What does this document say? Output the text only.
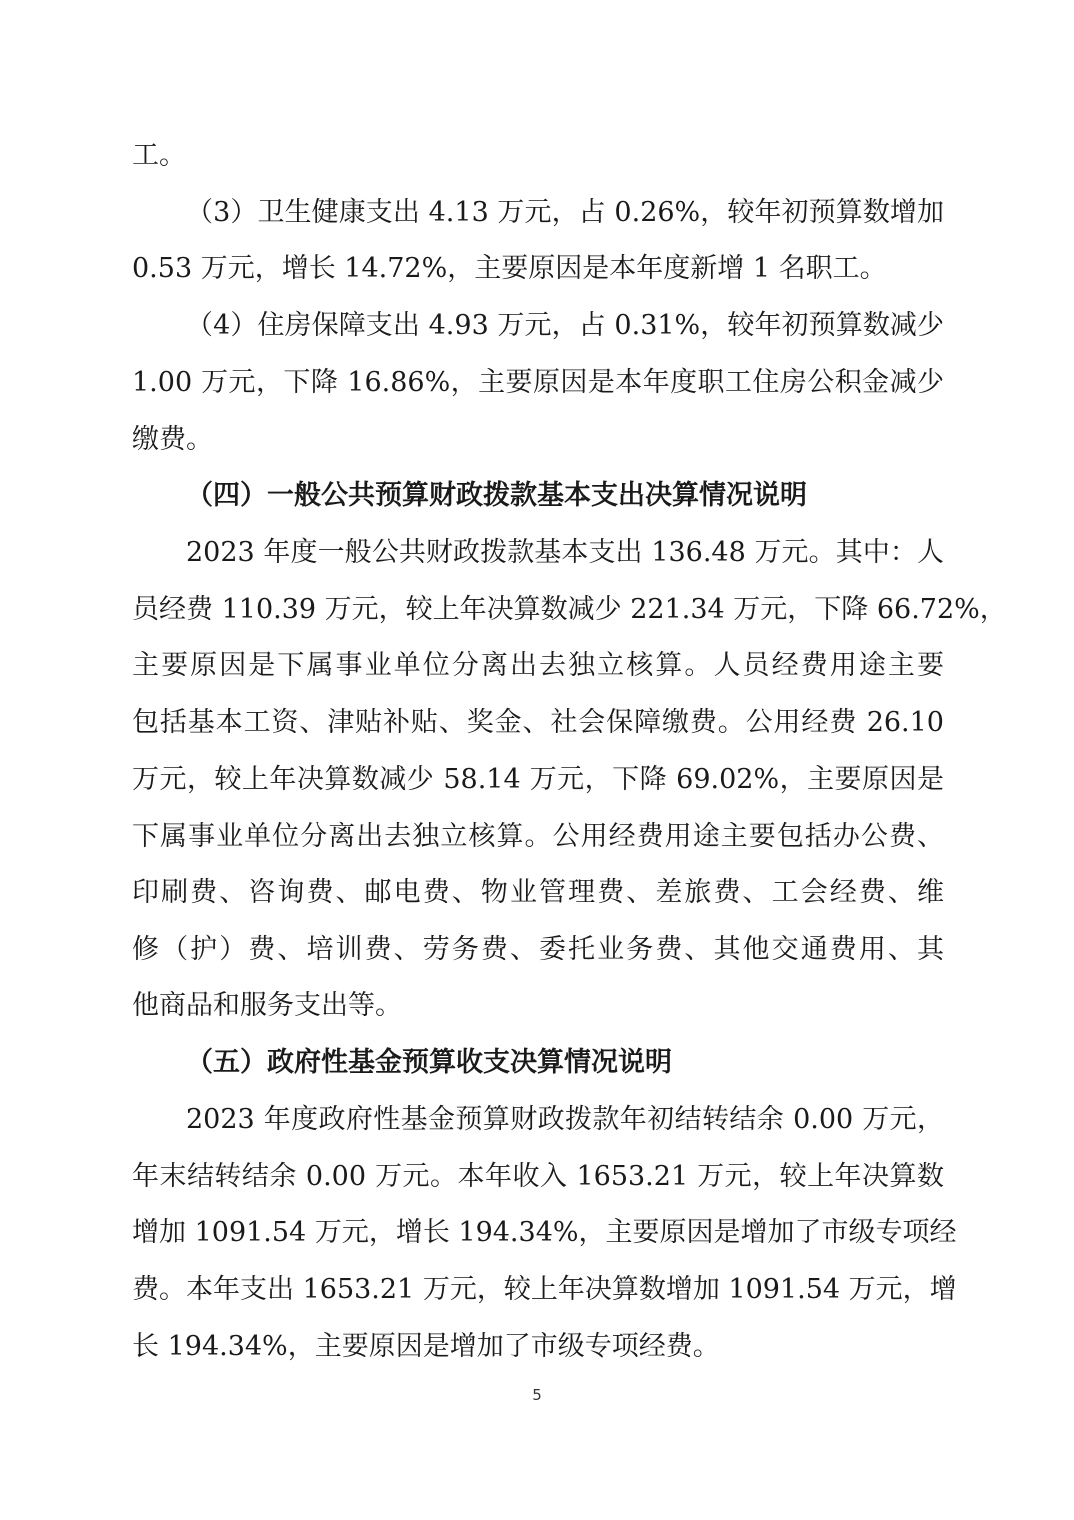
工。
（3）卫生健康支出 4.13 万元，占 0.26%，较年初预算数增加
0.53 万元，增长 14.72%，主要原因是本年度新增 1 名职工。
（4）住房保障支出 4.93 万元，占 0.31%，较年初预算数减少
1.00 万元，下降 16.86%，主要原因是本年度职工住房公积金减少
缴费。
（四）一般公共预算财政拨款基本支出决算情况说明
2023 年度一般公共财政拨款基本支出 136.48 万元。其中：人
员经费 110.39 万元，较上年决算数减少 221.34 万元，下降 66.72%，
主要原因是下属事业单位分离出去独立核算。人员经费用途主要
包括基本工资、津贴补贴、奖金、社会保障缴费。公用经费 26.10
万元，较上年决算数减少 58.14 万元，下降 69.02%，主要原因是
下属事业单位分离出去独立核算。公用经费用途主要包括办公费、
印刷费、咨询费、邮电费、物业管理费、差旅费、工会经费、维
修（护）费、培训费、劳务费、委托业务费、其他交通费用、其
他商品和服务支出等。
（五）政府性基金预算收支决算情况说明
2023 年度政府性基金预算财政拨款年初结转结余 0.00 万元，
年末结转结余 0.00 万元。本年收入 1653.21 万元，较上年决算数
增加 1091.54 万元，增长 194.34%，主要原因是增加了市级专项经
费。本年支出 1653.21 万元，较上年决算数增加 1091.54 万元，增
长 194.34%，主要原因是增加了市级专项经费。
5
